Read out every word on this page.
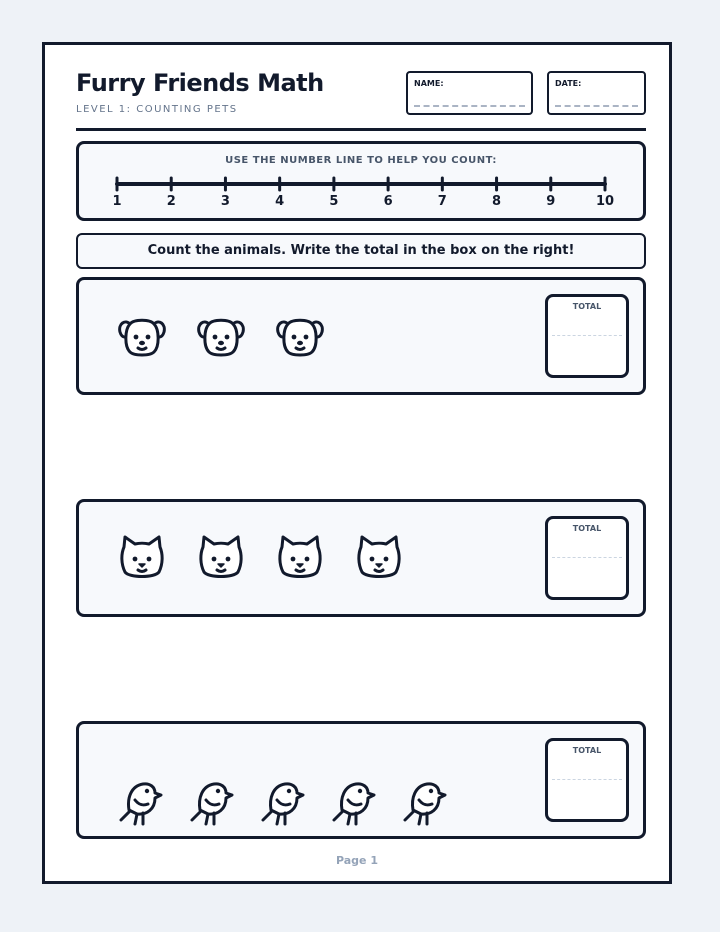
Furry Friends Math
LEVEL 1: COUNTING PETS
NAME:	DATE:
USE THE NUMBER LINE TO HELP YOU COUNT:
1	2	3	4	5	6	7	8	9	10
Count the animals. Write the total in the box on the right!
TOTAL
TOTAL
TOTAL
Page 1
